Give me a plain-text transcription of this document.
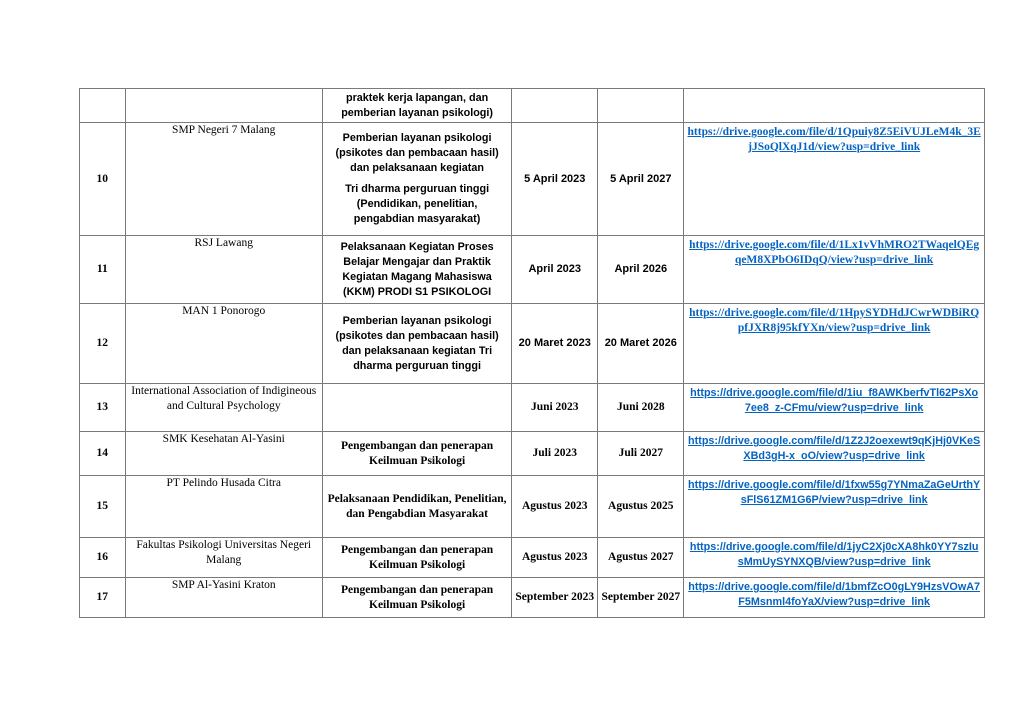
		praktek kerja lapangan, dan pemberian layanan psikologi)			

10	SMP Negeri 7 Malang	Pemberian layanan psikologi (psikotes dan pembacaan hasil) dan pelaksanaan kegiatan

Tri dharma perguruan tinggi (Pendidikan, penelitian, pengabdian masyarakat)	5 April 2023	5 April 2027	https://drive.google.com/file/d/1Qpuiy8Z5EiVUJLeM4k_3EjJSoQlXqJ1d/view?usp=drive_link
11	RSJ Lawang	Pelaksanaan Kegiatan Proses Belajar Mengajar dan Praktik Kegiatan Magang Mahasiswa (KKM) PRODI S1 PSIKOLOGI	April 2023	April 2026	https://drive.google.com/file/d/1Lx1vVhMRO2TWaqelQEgqeM8XPbO6IDqQ/view?usp=drive_link
12	MAN 1 Ponorogo	Pemberian layanan psikologi (psikotes dan pembacaan hasil) dan pelaksanaan kegiatan Tri dharma perguruan tinggi	20 Maret 2023	20 Maret 2026	https://drive.google.com/file/d/1HpySYDHdJCwrWDBiRQpfJXR8j95kfYXn/view?usp=drive_link
13	International Association of Indigineous and Cultural Psychology		Juni 2023	Juni 2028	https://drive.google.com/file/d/1iu_f8AWKberfvTl62PsXo7ee8_z-CFmu/view?usp=drive_link
14	SMK Kesehatan Al-Yasini	Pengembangan dan penerapan Keilmuan Psikologi	Juli 2023	Juli 2027	https://drive.google.com/file/d/1Z2J2oexewt9qKjHj0VKeSXBd3gH-x_oO/view?usp=drive_link
15	PT Pelindo Husada Citra	Pelaksanaan Pendidikan, Penelitian, dan Pengabdian Masyarakat	Agustus 2023	Agustus 2025	https://drive.google.com/file/d/1fxw55g7YNmaZaGeUrthYsFlS61ZM1G6P/view?usp=drive_link
16	Fakultas Psikologi Universitas Negeri Malang	Pengembangan dan penerapan Keilmuan Psikologi	Agustus 2023	Agustus 2027	https://drive.google.com/file/d/1jyC2Xj0cXA8hk0YY7szIusMmUySYNXQB/view?usp=drive_link
17	SMP Al-Yasini Kraton	Pengembangan dan penerapan Keilmuan Psikologi	September 2023	September 2027	https://drive.google.com/file/d/1bmfZcO0gLY9HzsVOwA7F5Msnml4foYaX/view?usp=drive_link
